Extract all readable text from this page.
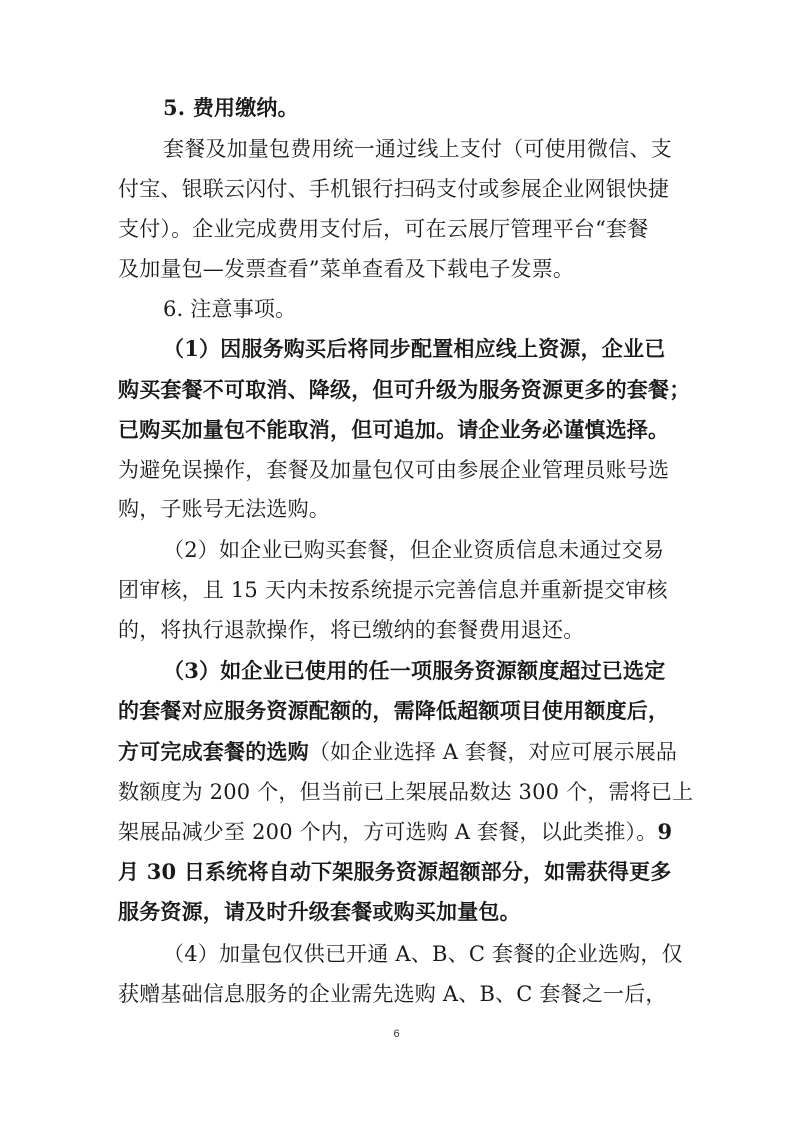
5. 费用缴纳。
套餐及加量包费用统一通过线上支付（可使用微信、支
付宝、银联云闪付、手机银行扫码支付或参展企业网银快捷
支付）。企业完成费用支付后，可在云展厅管理平台“套餐
及加量包—发票查看”菜单查看及下载电子发票。
6. 注意事项。
（1）因服务购买后将同步配置相应线上资源，企业已
购买套餐不可取消、降级，但可升级为服务资源更多的套餐；
已购买加量包不能取消，但可追加。请企业务必谨慎选择。
为避免误操作，套餐及加量包仅可由参展企业管理员账号选
购，子账号无法选购。
（2）如企业已购买套餐，但企业资质信息未通过交易
团审核，且 15 天内未按系统提示完善信息并重新提交审核
的，将执行退款操作，将已缴纳的套餐费用退还。
（3）如企业已使用的任一项服务资源额度超过已选定
的套餐对应服务资源配额的，需降低超额项目使用额度后，
方可完成套餐的选购（如企业选择 A 套餐，对应可展示展品
数额度为 200 个，但当前已上架展品数达 300 个，需将已上
架展品减少至 200 个内，方可选购 A 套餐，以此类推）。9
月 30 日系统将自动下架服务资源超额部分，如需获得更多
服务资源，请及时升级套餐或购买加量包。
（4）加量包仅供已开通 A、B、C 套餐的企业选购，仅
获赠基础信息服务的企业需先选购 A、B、C 套餐之一后，
6
